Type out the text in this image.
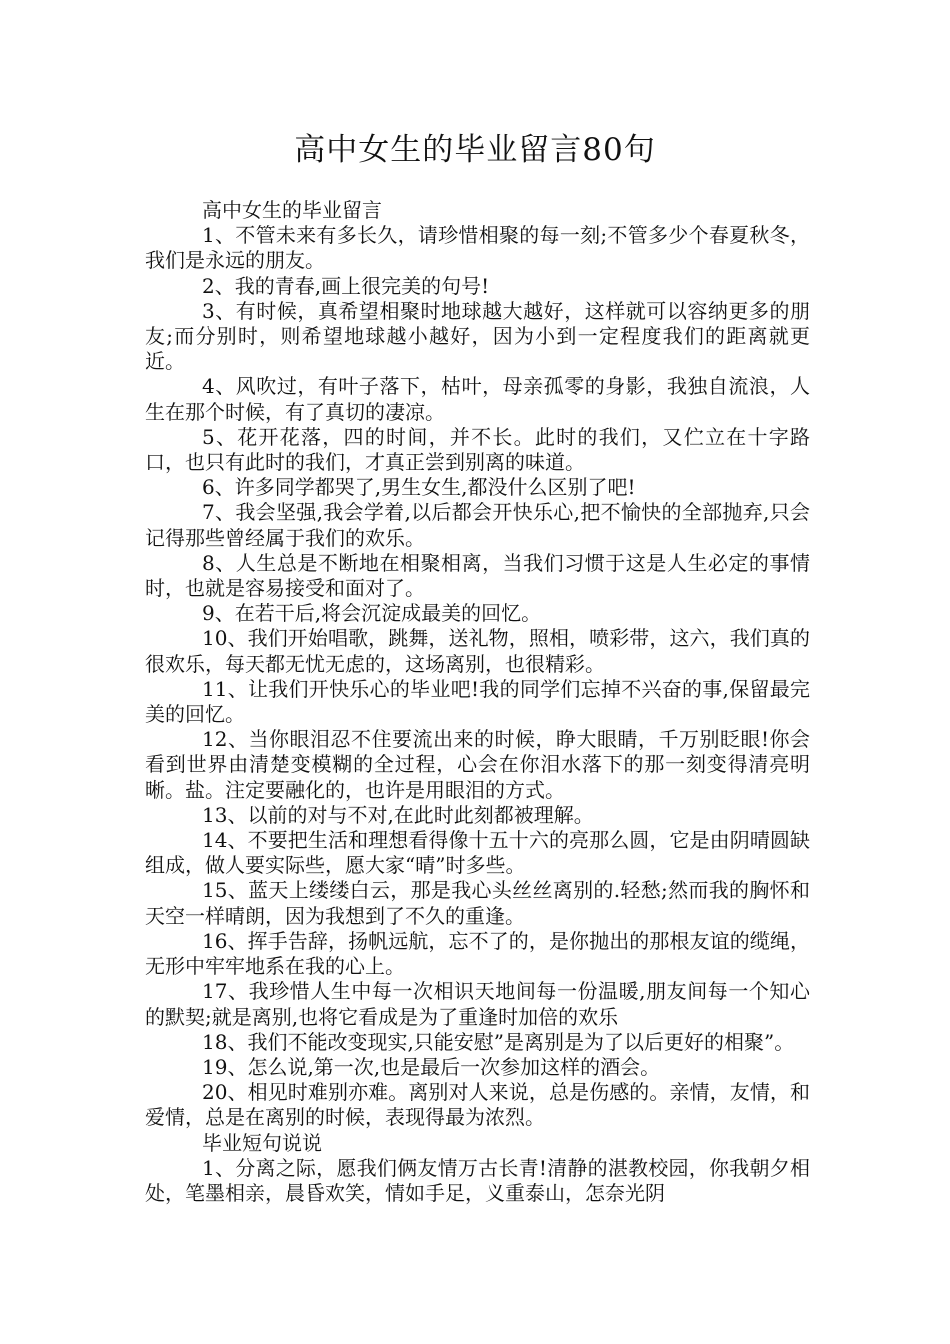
高中女生的毕业留言80句

高中女生的毕业留言

1、不管未来有多长久，请珍惜相聚的每一刻;不管多少个春夏秋冬，我们是永远的朋友。

2、我的青春,画上很完美的句号!

3、有时候，真希望相聚时地球越大越好，这样就可以容纳更多的朋友;而分别时，则希望地球越小越好，因为小到一定程度我们的距离就更近。

4、风吹过，有叶子落下，枯叶，母亲孤零的身影，我独自流浪，人生在那个时候，有了真切的凄凉。

5、花开花落，四的时间，并不长。此时的我们，又伫立在十字路口，也只有此时的我们，才真正尝到别离的味道。

6、许多同学都哭了,男生女生,都没什么区别了吧!

7、我会坚强,我会学着,以后都会开快乐心,把不愉快的全部抛弃,只会记得那些曾经属于我们的欢乐。

8、人生总是不断地在相聚相离，当我们习惯于这是人生必定的事情时，也就是容易接受和面对了。

9、在若干后,将会沉淀成最美的回忆。

10、我们开始唱歌，跳舞，送礼物，照相，喷彩带，这六，我们真的很欢乐，每天都无忧无虑的，这场离别，也很精彩。

11、让我们开快乐心的毕业吧!我的同学们忘掉不兴奋的事,保留最完美的回忆。

12、当你眼泪忍不住要流出来的时候，睁大眼睛，千万别眨眼!你会看到世界由清楚变模糊的全过程，心会在你泪水落下的那一刻变得清亮明晰。盐。注定要融化的，也许是用眼泪的方式。

13、以前的对与不对,在此时此刻都被理解。

14、不要把生活和理想看得像十五十六的亮那么圆，它是由阴晴圆缺组成，做人要实际些，愿大家“晴”时多些。

15、蓝天上缕缕白云，那是我心头丝丝离别的.轻愁;然而我的胸怀和天空一样晴朗，因为我想到了不久的重逢。

16、挥手告辞，扬帆远航，忘不了的，是你抛出的那根友谊的缆绳，无形中牢牢地系在我的心上。

17、我珍惜人生中每一次相识天地间每一份温暖,朋友间每一个知心的默契;就是离别,也将它看成是为了重逢时加倍的欢乐

18、我们不能改变现实,只能安慰”是离别是为了以后更好的相聚”。

19、怎么说,第一次,也是最后一次参加这样的酒会。

20、相见时难别亦难。离别对人来说，总是伤感的。亲情，友情，和爱情，总是在离别的时候，表现得最为浓烈。

毕业短句说说

1、分离之际，愿我们俩友情万古长青!清静的湛教校园，你我朝夕相处，笔墨相亲，晨昏欢笑，情如手足，义重泰山，怎奈光阴
